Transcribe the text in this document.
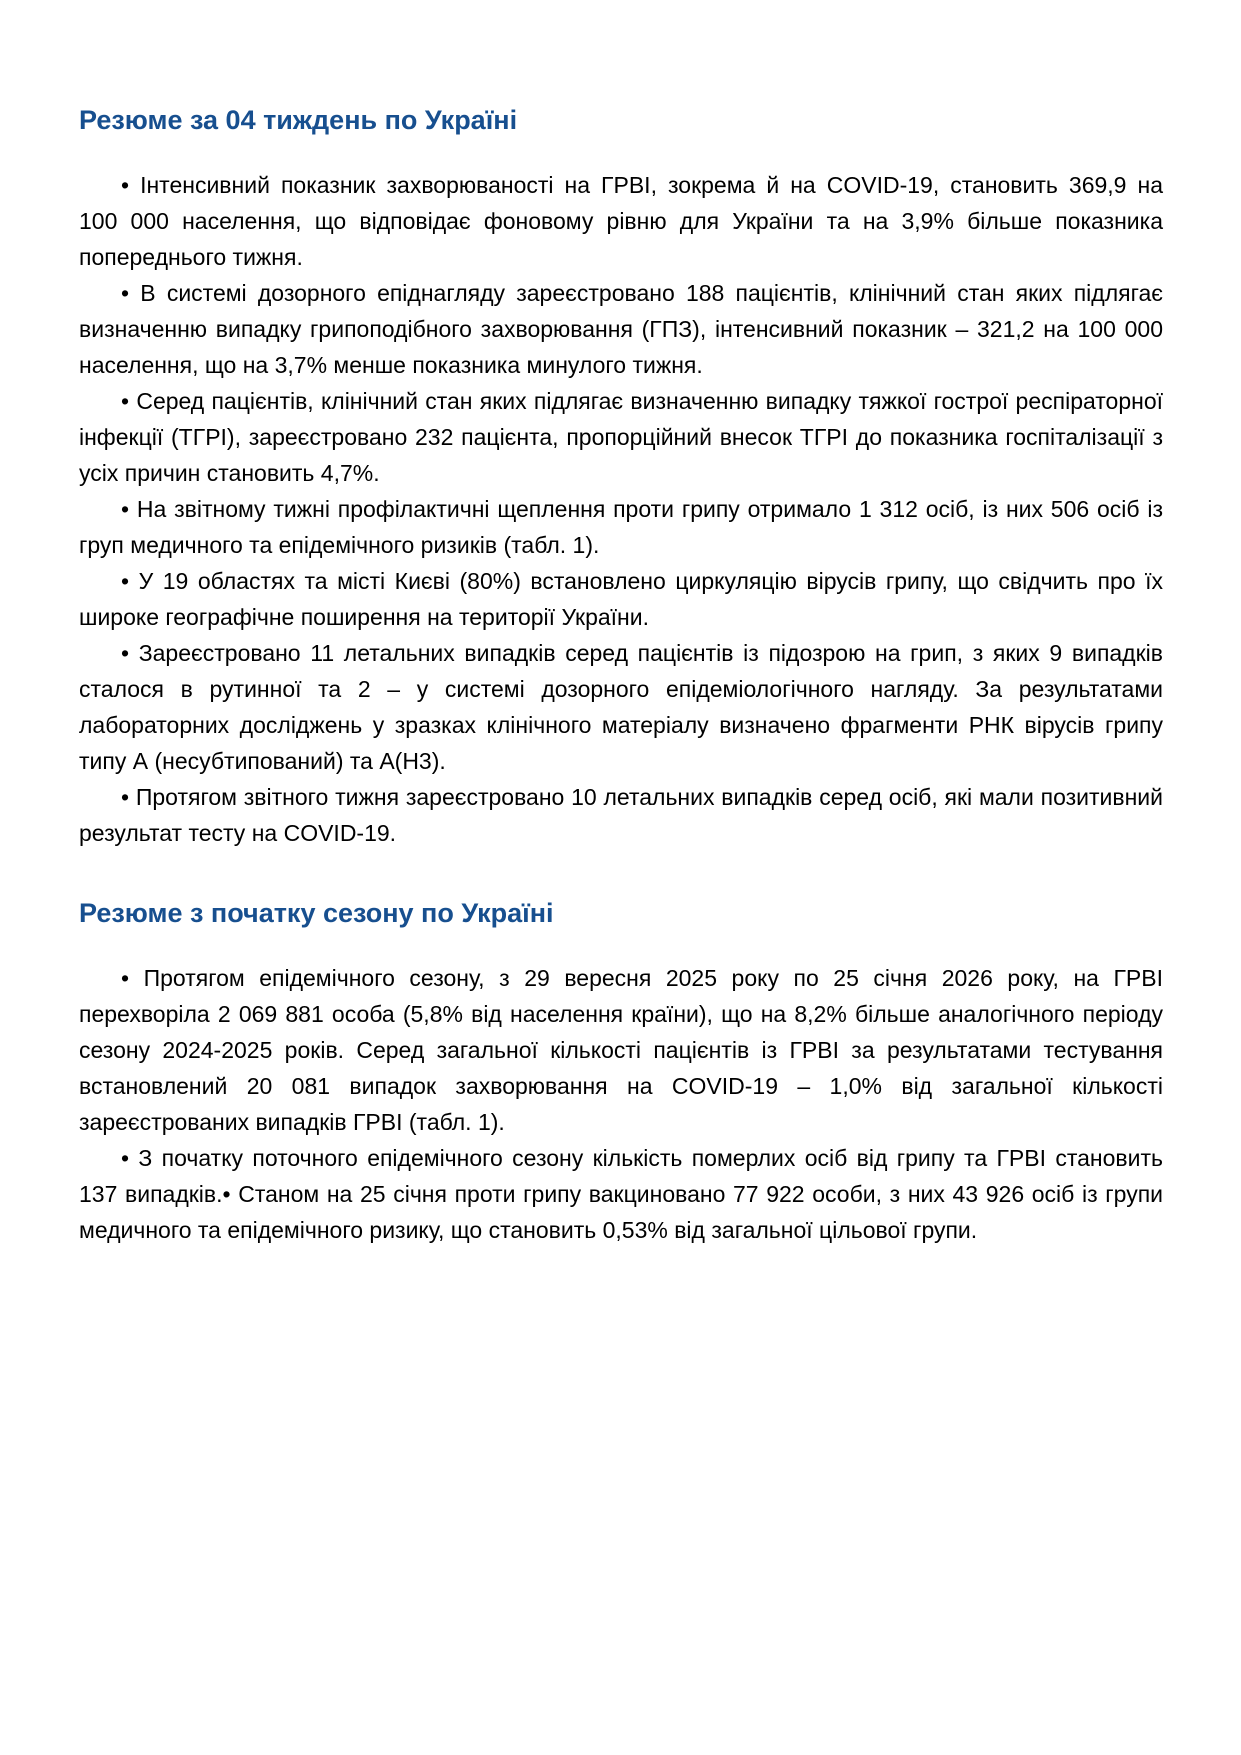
Резюме за 04 тиждень по Україні

• Інтенсивний показник захворюваності на ГРВІ, зокрема й на COVID-19, становить 369,9 на 100 000 населення, що відповідає фоновому рівню для України та на 3,9% більше показника попереднього тижня.

• В системі дозорного епіднагляду зареєстровано 188 пацієнтів, клінічний стан яких підлягає визначенню випадку грипоподібного захворювання (ГПЗ), інтенсивний показник – 321,2 на 100 000 населення, що на 3,7% менше показника минулого тижня.

• Серед пацієнтів, клінічний стан яких підлягає визначенню випадку тяжкої гострої респіраторної інфекції (ТГРІ), зареєстровано 232 пацієнта, пропорційний внесок ТГРІ до показника госпіталізації з усіх причин становить 4,7%.

• На звітному тижні профілактичні щеплення проти грипу отримало 1 312 осіб, із них 506 осіб із груп медичного та епідемічного ризиків (табл. 1).

• У 19 областях та місті Києві (80%) встановлено циркуляцію вірусів грипу, що свідчить про їх широке географічне поширення на території України.

• Зареєстровано 11 летальних випадків серед пацієнтів із підозрою на грип, з яких 9 випадків сталося в рутинної та 2 – у системі дозорного епідеміологічного нагляду. За результатами лабораторних досліджень у зразках клінічного матеріалу визначено фрагменти РНК вірусів грипу типу А (несубтипований) та A(H3).

• Протягом звітного тижня зареєстровано 10 летальних випадків серед осіб, які мали позитивний результат тесту на COVID-19.

Резюме з початку сезону по Україні

• Протягом епідемічного сезону, з 29 вересня 2025 року по 25 січня 2026 року, на ГРВІ перехворіла 2 069 881 особа (5,8% від населення країни), що на 8,2% більше аналогічного періоду сезону 2024-2025 років. Серед загальної кількості пацієнтів із ГРВІ за результатами тестування встановлений 20 081 випадок захворювання на COVID-19 – 1,0% від загальної кількості зареєстрованих випадків ГРВІ (табл. 1).

• З початку поточного епідемічного сезону кількість померлих осіб від грипу та ГРВІ становить 137 випадків.• Станом на 25 січня проти грипу вакциновано 77 922 особи, з них 43 926 осіб із групи медичного та епідемічного ризику, що становить 0,53% від загальної цільової групи.
